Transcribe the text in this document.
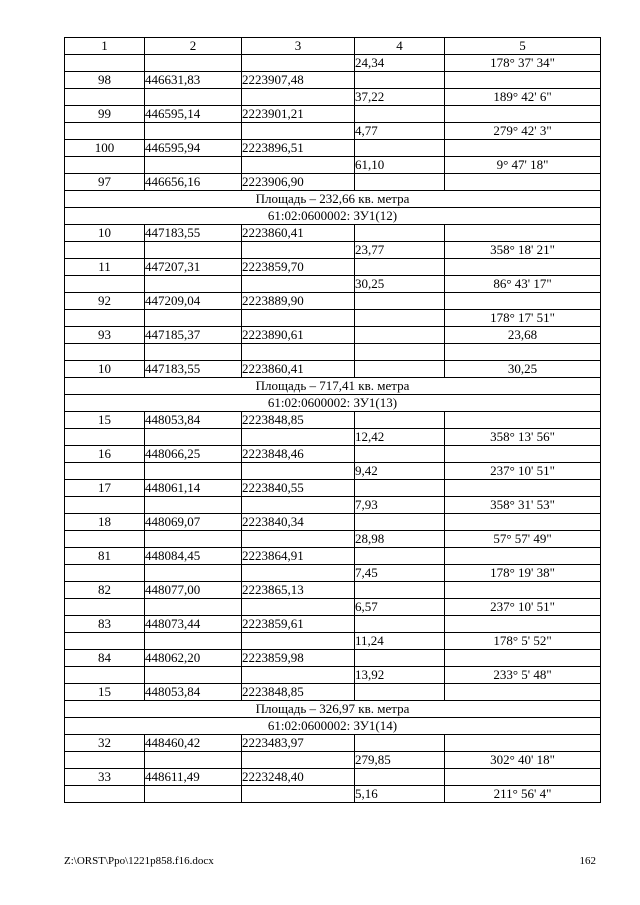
1	2	3	4	5
			24,34	178° 37' 34"
98	446631,83	2223907,48		
			37,22	189° 42' 6"
99	446595,14	2223901,21		
			4,77	279° 42' 3"
100	446595,94	2223896,51		
			61,10	9° 47' 18"
97	446656,16	2223906,90		
Площадь – 232,66 кв. метра				
61:02:0600002: ЗУ1(12)				
10	447183,55	2223860,41		
			23,77	358° 18' 21"
11	447207,31	2223859,70		
			30,25	86° 43' 17"
92	447209,04	2223889,90		
				178° 17' 51"
93	447185,37	2223890,61		23,68

10	447183,55	2223860,41		30,25
Площадь – 717,41 кв. метра				
61:02:0600002: ЗУ1(13)				
15	448053,84	2223848,85		
			12,42	358° 13' 56"
16	448066,25	2223848,46		
			9,42	237° 10' 51"
17	448061,14	2223840,55		
			7,93	358° 31' 53"
18	448069,07	2223840,34		
			28,98	57° 57' 49"
81	448084,45	2223864,91		
			7,45	178° 19' 38"
82	448077,00	2223865,13		
			6,57	237° 10' 51"
83	448073,44	2223859,61		
			11,24	178° 5' 52"
84	448062,20	2223859,98		
			13,92	233° 5' 48"
15	448053,84	2223848,85		
Площадь – 326,97 кв. метра				
61:02:0600002: ЗУ1(14)				
32	448460,42	2223483,97		
			279,85	302° 40' 18"
33	448611,49	2223248,40		
			5,16	211° 56' 4"
Z:\ORST\Ppo\1221p858.f16.docx	162
